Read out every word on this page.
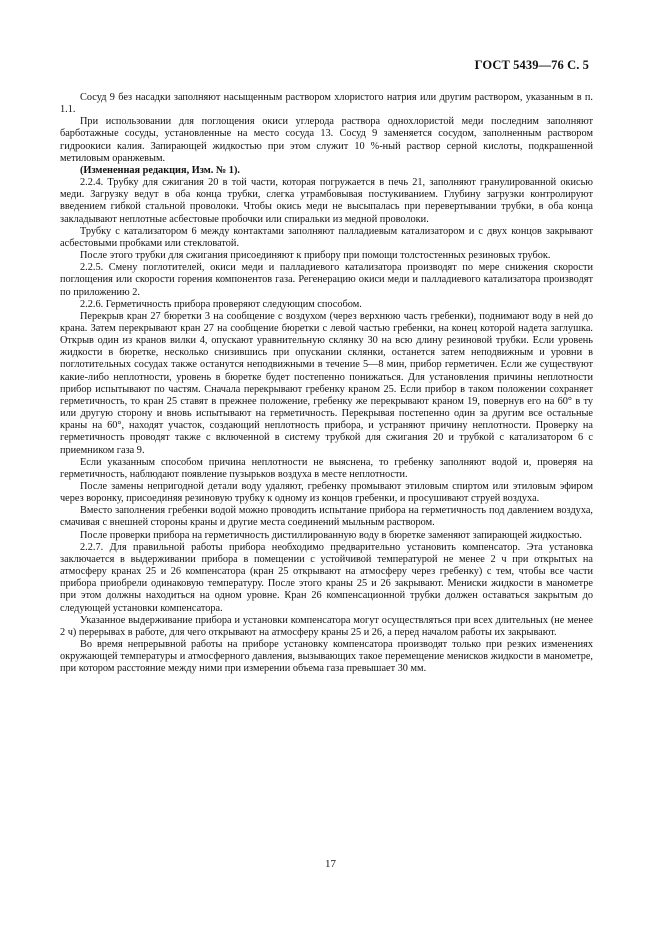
ГОСТ 5439—76 С. 5

Сосуд 9 без насадки заполняют насыщенным раствором хлористого натрия или другим раствором, указанным в п. 1.1.

При использовании для поглощения окиси углерода раствора однохлористой меди последним заполняют барботажные сосуды, установленные на место сосуда 13. Сосуд 9 заменяется сосудом, заполненным раствором гидроокиси калия. Запирающей жидкостью при этом служит 10 %-ный раствор серной кислоты, подкрашенной метиловым оранжевым.

(Измененная редакция, Изм. № 1).

2.2.4. Трубку для сжигания 20 в той части, которая погружается в печь 21, заполняют гранулированной окисью меди. Загрузку ведут в оба конца трубки, слегка утрамбовывая постукиванием. Глубину загрузки контролируют введением гибкой стальной проволоки. Чтобы окись меди не высыпалась при перевертывании трубки, в оба конца закладывают неплотные асбестовые пробочки или спиральки из медной проволоки.

Трубку с катализатором 6 между контактами заполняют палладиевым катализатором и с двух концов закрывают асбестовыми пробками или стекловатой.

После этого трубки для сжигания присоединяют к прибору при помощи толстостенных резиновых трубок.

2.2.5. Смену поглотителей, окиси меди и палладиевого катализатора производят по мере снижения скорости поглощения или скорости горения компонентов газа. Регенерацию окиси меди и палладиевого катализатора производят по приложению 2.

2.2.6. Герметичность прибора проверяют следующим способом.

Перекрыв кран 27 бюретки 3 на сообщение с воздухом (через верхнюю часть гребенки), поднимают воду в ней до крана. Затем перекрывают кран 27 на сообщение бюретки с левой частью гребенки, на конец которой надета заглушка. Открыв один из кранов вилки 4, опускают уравнительную склянку 30 на всю длину резиновой трубки. Если уровень жидкости в бюретке, несколько снизившись при опускании склянки, останется затем неподвижным и уровни в поглотительных сосудах также останутся неподвижными в течение 5—8 мин, прибор герметичен. Если же существуют какие-либо неплотности, уровень в бюретке будет постепенно понижаться. Для установления причины неплотности прибор испытывают по частям. Сначала перекрывают гребенку краном 25. Если прибор в таком положении сохраняет герметичность, то кран 25 ставят в прежнее положение, гребенку же перекрывают краном 19, повернув его на 60° в ту или другую сторону и вновь испытывают на герметичность. Перекрывая постепенно один за другим все остальные краны на 60°, находят участок, создающий неплотность прибора, и устраняют причину неплотности. Проверку на герметичность проводят также с включенной в систему трубкой для сжигания 20 и трубкой с катализатором 6 с приемником газа 9.

Если указанным способом причина неплотности не выяснена, то гребенку заполняют водой и, проверяя на герметичность, наблюдают появление пузырьков воздуха в месте неплотности.

После замены непригодной детали воду удаляют, гребенку промывают этиловым спиртом или этиловым эфиром через воронку, присоединяя резиновую трубку к одному из концов гребенки, и просушивают струей воздуха.

Вместо заполнения гребенки водой можно проводить испытание прибора на герметичность под давлением воздуха, смачивая с внешней стороны краны и другие места соединений мыльным раствором.

После проверки прибора на герметичность дистиллированную воду в бюретке заменяют запирающей жидкостью.

2.2.7. Для правильной работы прибора необходимо предварительно установить компенсатор. Эта установка заключается в выдерживании прибора в помещении с устойчивой температурой не менее 2 ч при открытых на атмосферу кранах 25 и 26 компенсатора (кран 25 открывают на атмосферу через гребенку) с тем, чтобы все части прибора приобрели одинаковую температуру. После этого краны 25 и 26 закрывают. Мениски жидкости в манометре при этом должны находиться на одном уровне. Кран 26 компенсационной трубки должен оставаться закрытым до следующей установки компенсатора.

Указанное выдерживание прибора и установки компенсатора могут осуществляться при всех длительных (не менее 2 ч) перерывах в работе, для чего открывают на атмосферу краны 25 и 26, а перед началом работы их закрывают.

Во время непрерывной работы на приборе установку компенсатора производят только при резких изменениях окружающей температуры и атмосферного давления, вызывающих такое перемещение менисков жидкости в манометре, при котором расстояние между ними при измерении объема газа превышает 30 мм.

17
